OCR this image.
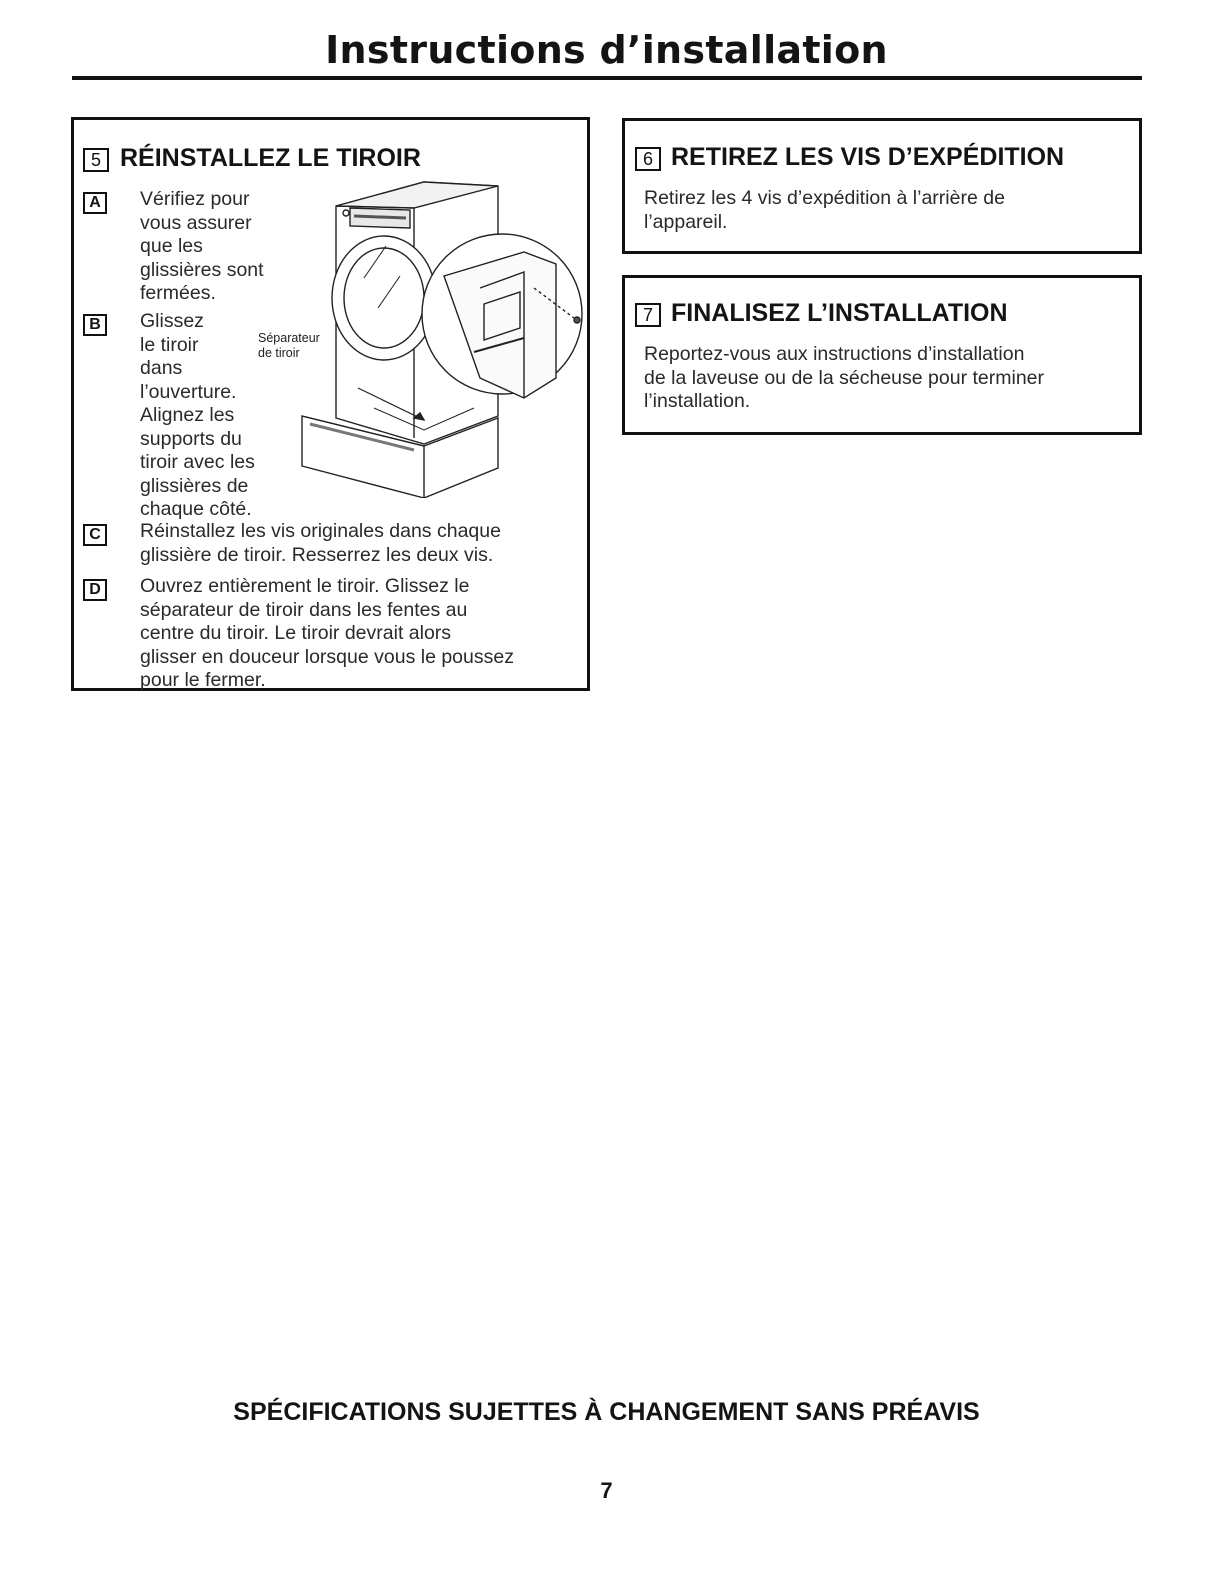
Instructions d’installation
5 RÉINSTALLEZ LE TIROIR
A	Vérifiez pour
vous assurer
que les
glissières sont
fermées.
B	Glissez
le tiroir
dans
l’ouverture.
Alignez les
supports du
tiroir avec les
glissières de
chaque côté.
Séparateur
de tiroir
C	Réinstallez les vis originales dans chaque
glissière de tiroir. Resserrez les deux vis.
D	Ouvrez entièrement le tiroir. Glissez le
séparateur de tiroir dans les fentes au
centre du tiroir. Le tiroir devrait alors
glisser en douceur lorsque vous le poussez
pour le fermer.
6 RETIREZ LES VIS D’EXPÉDITION
Retirez les 4 vis d’expédition à l’arrière de
l’appareil.
7 FINALISEZ L’INSTALLATION
Reportez-vous aux instructions d’installation
de la laveuse ou de la sécheuse pour terminer
l’installation.
SPÉCIFICATIONS SUJETTES À CHANGEMENT SANS PRÉAVIS
7
